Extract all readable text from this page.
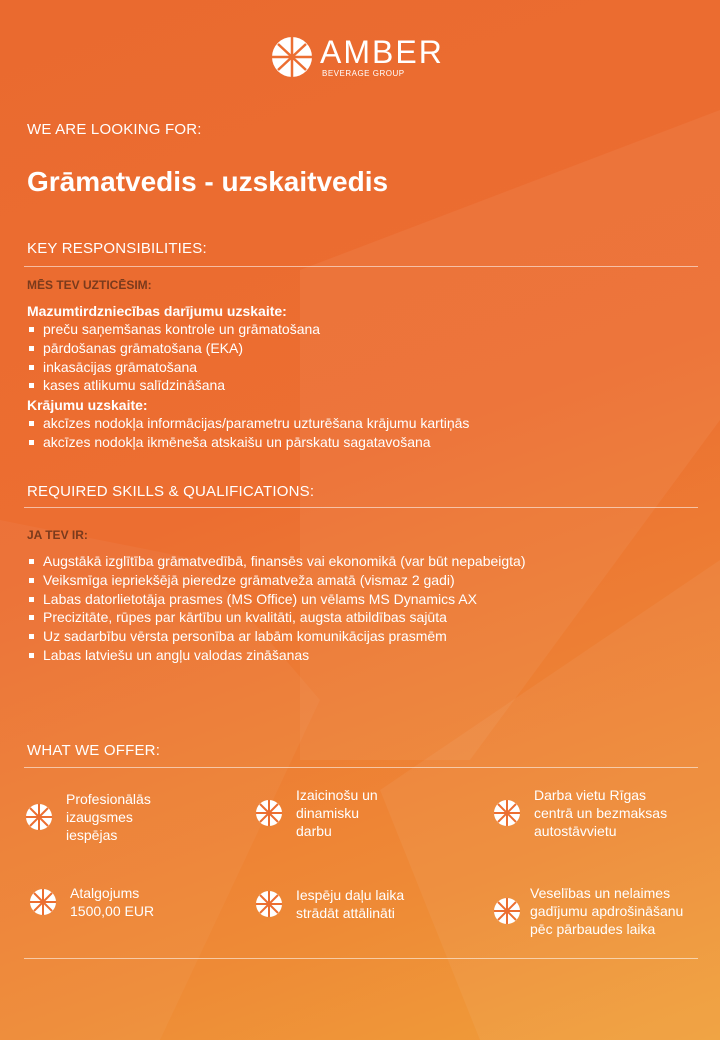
AMBER
BEVERAGE GROUP
WE ARE LOOKING FOR:
Grāmatvedis - uzskaitvedis
KEY RESPONSIBILITIES:
MĒS TEV UZTICĒSIM:
Mazumtirdzniecības darījumu uzskaite:
preču saņemšanas kontrole un grāmatošana
pārdošanas grāmatošana (EKA)
inkasācijas grāmatošana
kases atlikumu salīdzināšana
Krājumu uzskaite:
akcīzes nodokļa informācijas/parametru uzturēšana krājumu kartiņās
akcīzes nodokļa ikmēneša atskaišu un pārskatu sagatavošana
REQUIRED SKILLS & QUALIFICATIONS:
JA TEV IR:
Augstākā izglītība grāmatvedībā, finansēs vai ekonomikā (var būt nepabeigta)
Veiksmīga iepriekšējā pieredze grāmatveža amatā (vismaz 2 gadi)
Labas datorlietotāja prasmes (MS Office) un vēlams MS Dynamics AX
Precizitāte, rūpes par kārtību un kvalitāti, augsta atbildības sajūta
Uz sadarbību vērsta personība ar labām komunikācijas prasmēm
Labas latviešu un angļu valodas zināšanas
WHAT WE OFFER:
Profesionālās
izaugsmes
iespējas
Izaicinošu un
dinamisku
darbu
Darba vietu Rīgas
centrā un bezmaksas
autostāvvietu
Atalgojums
1500,00 EUR
Iespēju daļu laika
strādāt attālināti
Veselības un nelaimes
gadījumu apdrošināšanu
pēc pārbaudes laika
